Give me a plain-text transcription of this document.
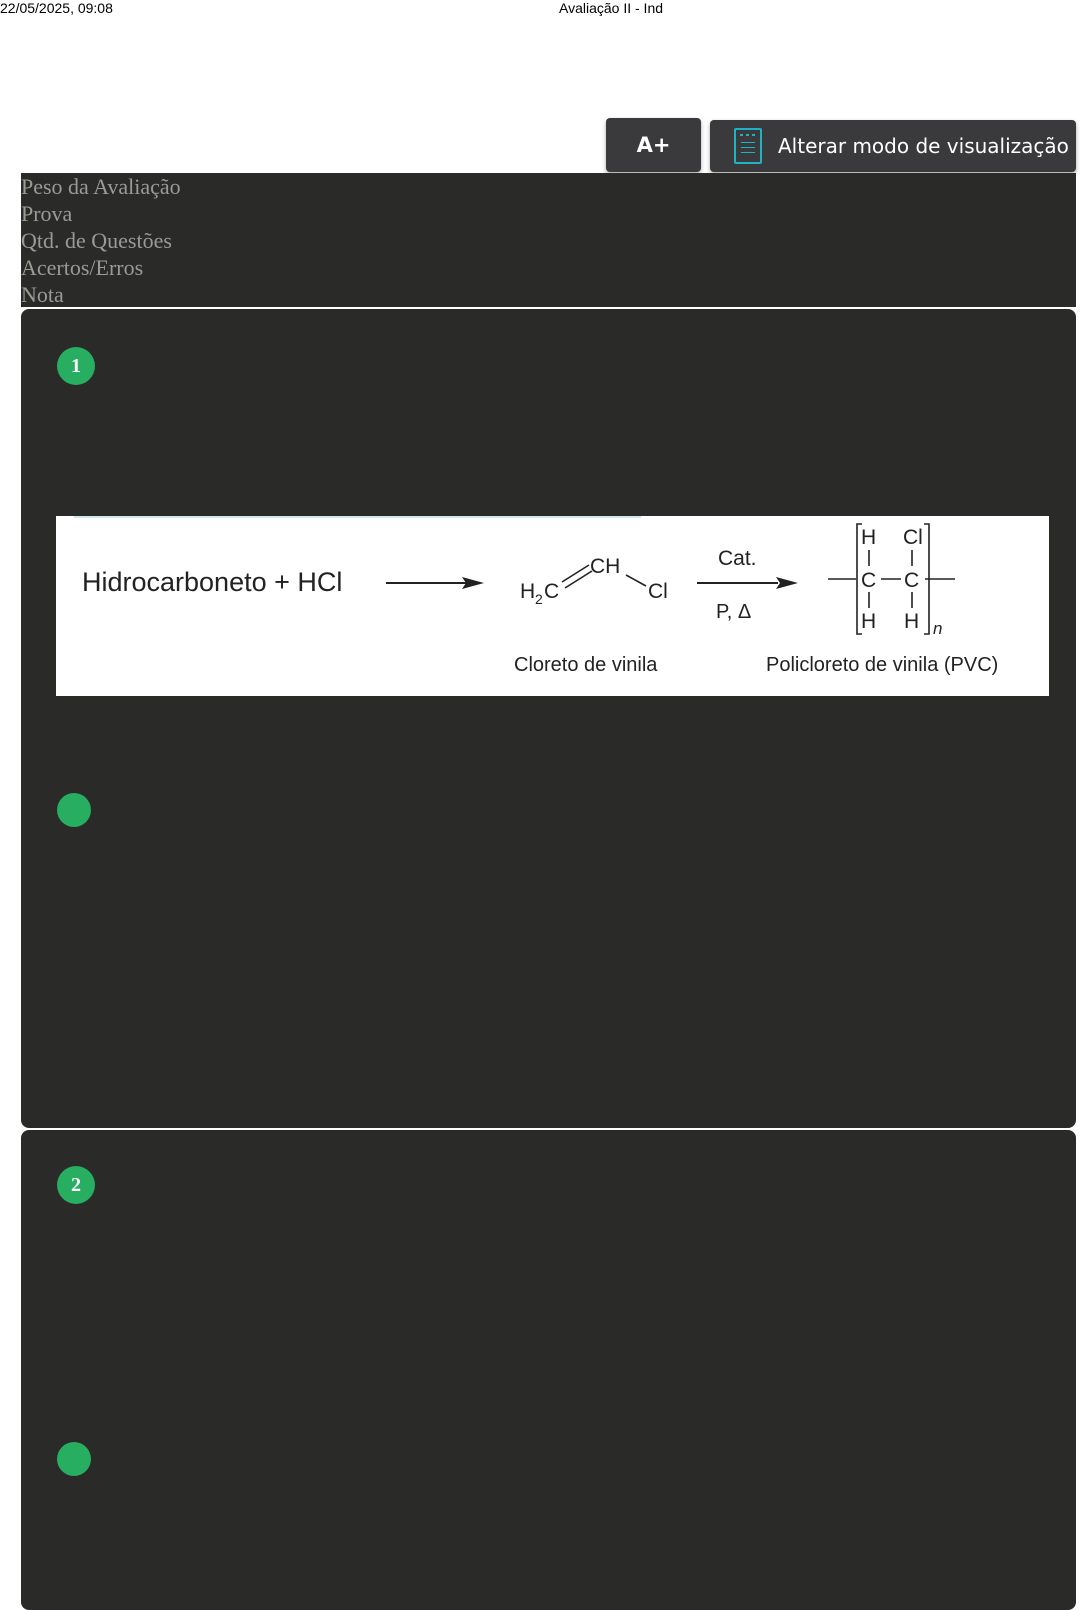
22/05/2025, 09:08	Avaliação II - Ind
A+	Alterar modo de visualização
Peso da Avaliação
Prova
Qtd. de Questões
Acertos/Erros
Nota
1
Hidrocarboneto + HCl	H 2 C
CH
Cl
Cat.
P, Δ
H
C
H
Cl
C
H n
Cloreto de vinila	Policloreto de vinila (PVC)
2
